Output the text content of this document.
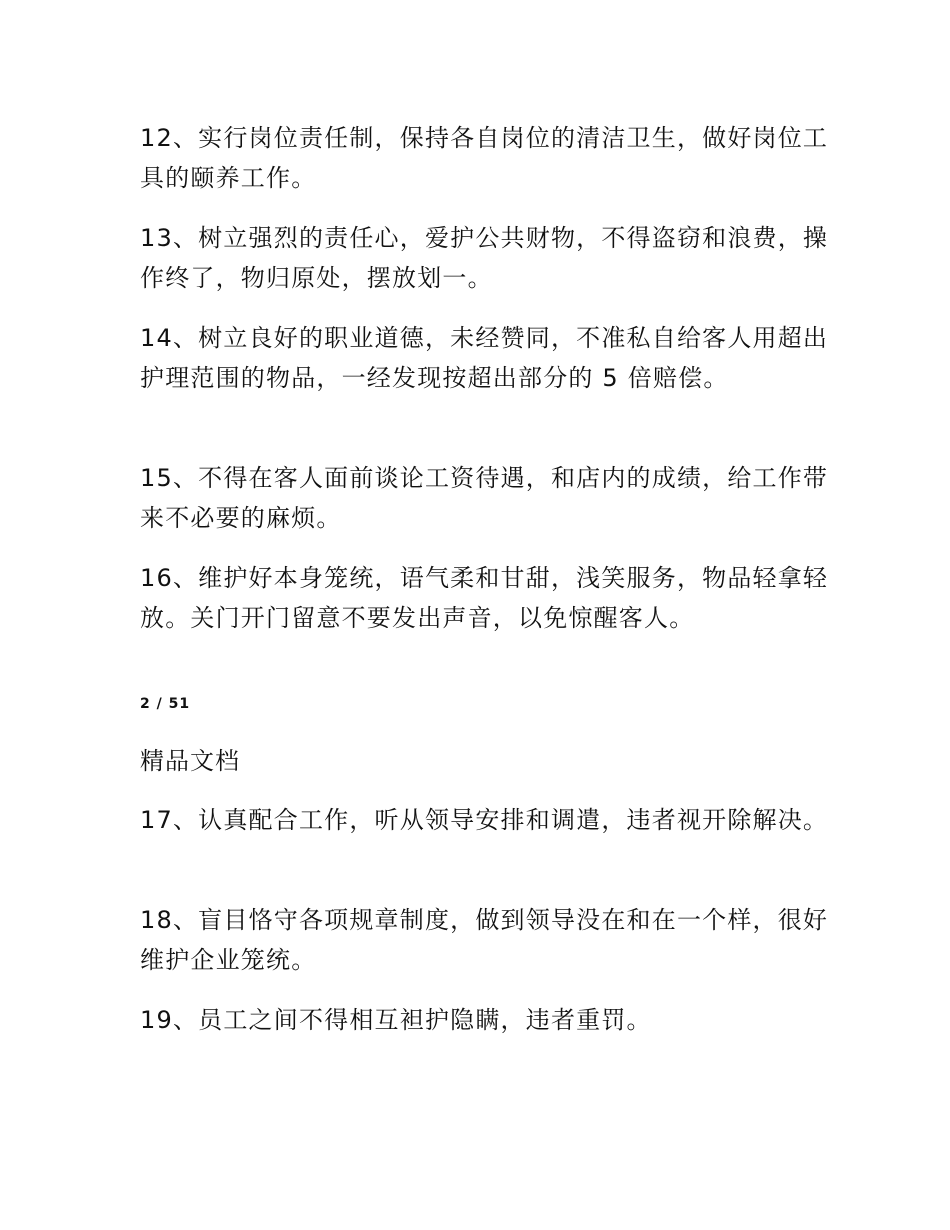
12、实行岗位责任制，保持各自岗位的清洁卫生，做好岗位工具的颐养工作。

13、树立强烈的责任心，爱护公共财物，不得盗窃和浪费，操作终了，物归原处，摆放划一。

14、树立良好的职业道德，未经赞同，不准私自给客人用超出护理范围的物品，一经发现按超出部分的 5 倍赔偿。

15、不得在客人面前谈论工资待遇，和店内的成绩，给工作带来不必要的麻烦。

16、维护好本身笼统，语气柔和甘甜，浅笑服务，物品轻拿轻放。关门开门留意不要发出声音，以免惊醒客人。

2 / 51
精品文档

17、认真配合工作，听从领导安排和调遣，违者视开除解决。

18、盲目恪守各项规章制度，做到领导没在和在一个样，很好维护企业笼统。

19、员工之间不得相互袒护隐瞒，违者重罚。
